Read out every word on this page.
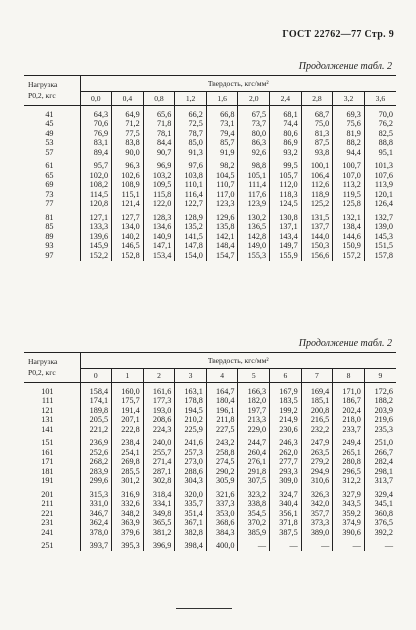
ГОСТ 22762—77 Стр. 9
Продолжение табл. 2
Нагрузка
P0,2, кгс	Твердость, кгс/мм²									
	0,0	0,4	0,8	1,2	1,6	2,0	2,4	2,8	3,2	3,6

41	64,3	64,9	65,6	66,2	66,8	67,5	68,1	68,7	69,3	70,0
45	70,6	71,2	71,8	72,5	73,1	73,7	74,4	75,0	75,6	76,2
49	76,9	77,5	78,1	78,7	79,4	80,0	80,6	81,3	81,9	82,5
53	83,1	83,8	84,4	85,0	85,7	86,3	86,9	87,5	88,2	88,8
57	89,4	90,0	90,7	91,3	91,9	92,6	93,2	93,8	94,4	95,1

61	95,7	96,3	96,9	97,6	98,2	98,8	99,5	100,1	100,7	101,3
65	102,0	102,6	103,2	103,8	104,5	105,1	105,7	106,4	107,0	107,6
69	108,2	108,9	109,5	110,1	110,7	111,4	112,0	112,6	113,2	113,9
73	114,5	115,1	115,8	116,4	117,0	117,6	118,3	118,9	119,5	120,1
77	120,8	121,4	122,0	122,7	123,3	123,9	124,5	125,2	125,8	126,4

81	127,1	127,7	128,3	128,9	129,6	130,2	130,8	131,5	132,1	132,7
85	133,3	134,0	134,6	135,2	135,8	136,5	137,1	137,7	138,4	139,0
89	139,6	140,2	140,9	141,5	142,1	142,8	143,4	144,0	144,6	145,3
93	145,9	146,5	147,1	147,8	148,4	149,0	149,7	150,3	150,9	151,5
97	152,2	152,8	153,4	154,0	154,7	155,3	155,9	156,6	157,2	157,8
Продолжение табл. 2
Нагрузка
P0,2, кгс	Твердость, кгс/мм²									
	0	1	2	3	4	5	6	7	8	9

101	158,4	160,0	161,6	163,1	164,7	166,3	167,9	169,4	171,0	172,6
111	174,1	175,7	177,3	178,8	180,4	182,0	183,5	185,1	186,7	188,2
121	189,8	191,4	193,0	194,5	196,1	197,7	199,2	200,8	202,4	203,9
131	205,5	207,1	208,6	210,2	211,8	213,3	214,9	216,5	218,0	219,6
141	221,2	222,8	224,3	225,9	227,5	229,0	230,6	232,2	233,7	235,3

151	236,9	238,4	240,0	241,6	243,2	244,7	246,3	247,9	249,4	251,0
161	252,6	254,1	255,7	257,3	258,8	260,4	262,0	263,5	265,1	266,7
171	268,2	269,8	271,4	273,0	274,5	276,1	277,7	279,2	280,8	282,4
181	283,9	285,5	287,1	288,6	290,2	291,8	293,3	294,9	296,5	298,1
191	299,6	301,2	302,8	304,3	305,9	307,5	309,0	310,6	312,2	313,7

201	315,3	316,9	318,4	320,0	321,6	323,2	324,7	326,3	327,9	329,4
211	331,0	332,6	334,1	335,7	337,3	338,8	340,4	342,0	343,5	345,1
221	346,7	348,2	349,8	351,4	353,0	354,5	356,1	357,7	359,2	360,8
231	362,4	363,9	365,5	367,1	368,6	370,2	371,8	373,3	374,9	376,5
241	378,0	379,6	381,2	382,8	384,3	385,9	387,5	389,0	390,6	392,2

251	393,7	395,3	396,9	398,4	400,0	—	—	—	—	—
